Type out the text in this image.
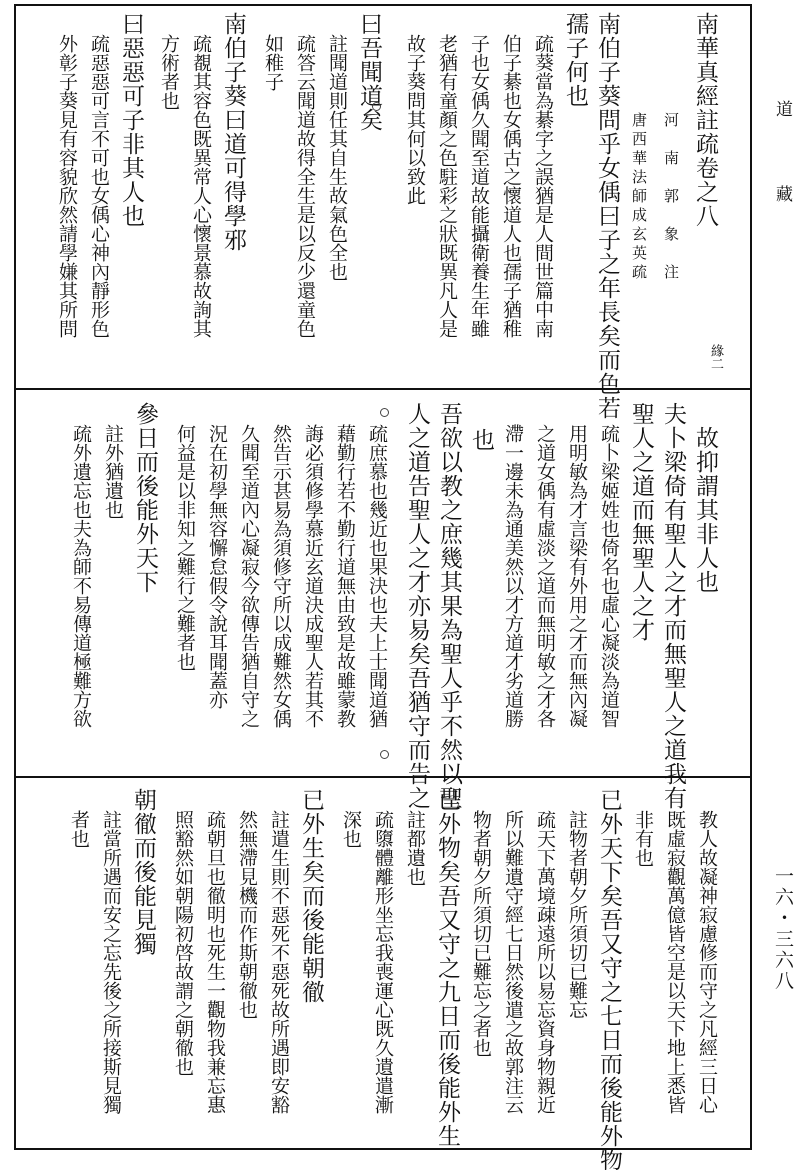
南華真經註疏卷之八
河　南　郭　象　注
唐西華法師成玄英疏
南伯子葵問乎女偊曰子之年長矣而色若
孺子何也
疏葵當為綦字之誤猶是人間世篇中南
伯子綦也女偊古之懷道人也孺子猶稚
子也女偊久聞至道故能攝衛養生年雖
老猶有童顏之色駐彩之狀既異凡人是
故子葵問其何以致此
曰吾聞道矣
註聞道則任其自生故氣色全也
疏答云聞道故得全生是以反少還童色
如稚子
南伯子葵曰道可得學邪
疏覩其容色既異常人心懷景慕故詢其
方術者也
曰惡惡可子非其人也
疏惡惡可言不可也女偊心神內靜形色
外彰子葵見有容貌欣然請學嫌其所問
緣二
故抑謂其非人也
夫卜梁倚有聖人之才而無聖人之道我有
聖人之道而無聖人之才
疏卜梁姬姓也倚名也虛心凝淡為道智
用明敏為才言梁有外用之才而無內凝
之道女偊有虛淡之道而無明敏之才各
滯一邊未為通美然以才方道才劣道勝
也
吾欲以教之庶幾其果為聖人乎不然以聖
人之道告聖人之才亦易矣吾猶守而告之
疏庶慕也幾近也果決也夫上士聞道猶
藉勤行若不勤行道無由致是故雖蒙教
誨必須修學慕近玄道決成聖人若其不
然告示甚易為須修守所以成難然女偊
久聞至道內心凝寂今欲傳告猶自守之
況在初學無容懈怠假令說耳聞蓋亦
何益是以非知之難行之難者也
參日而後能外天下
註外猶遺也
疏外遺忘也夫為師不易傳道極難方欲
教人故凝神寂慮修而守之凡經三日心
既虛寂觀萬億皆空是以天下地上悉皆
非有也
已外天下矣吾又守之七日而後能外物
註物者朝夕所須切已難忘
疏天下萬境疎遠所以易忘資身物親近
所以難遺守經七日然後遣之故郭注云
物者朝夕所須切已難忘之者也
已外物矣吾又守之九日而後能外生
註都遺也
疏隳體離形坐忘我喪運心既久遺遣漸
深也
已外生矣而後能朝徹
註遣生則不惡死不惡死故所遇即安豁
然無滯見機而作斯朝徹也
疏朝旦也徹明也死生一觀物我兼忘惠
照豁然如朝陽初啓故謂之朝徹也
朝徹而後能見獨
註當所遇而安之忘先後之所接斯見獨
者也
道 藏
一六・三六八
